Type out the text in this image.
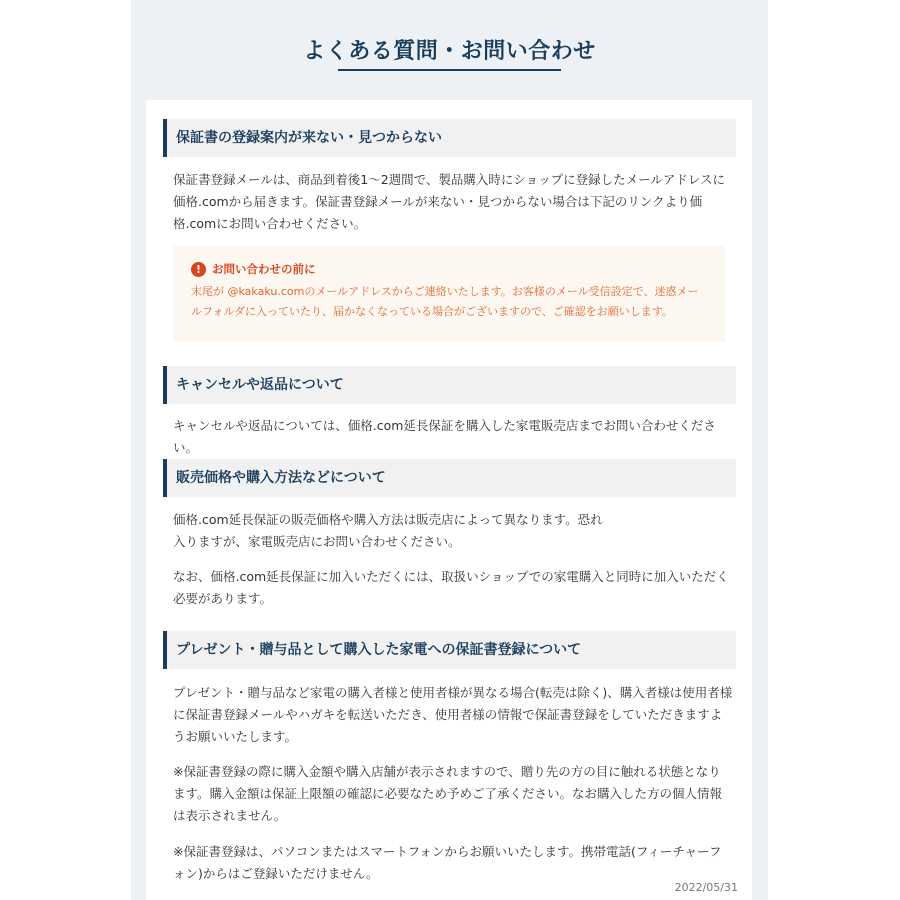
よくある質問・お問い合わせ
保証書の登録案内が来ない・見つからない

保証書登録メールは、商品到着後1〜2週間で、製品購入時にショップに登録したメールアドレスに価格.comから届きます。保証書登録メールが来ない・見つからない場合は下記のリンクより価格.comにお問い合わせください。

! お問い合わせの前に

末尾が @kakaku.comのメールアドレスからご連絡いたします。お客様のメール受信設定で、迷惑メールフォルダに入っていたり、届かなくなっている場合がございますので、ご確認をお願いします。

キャンセルや返品について

キャンセルや返品については、価格.com延長保証を購入した家電販売店までお問い合わせください。

販売価格や購入方法などについて

価格.com延長保証の販売価格や購入方法は販売店によって異なります。恐れ入りますが、家電販売店にお問い合わせください。

なお、価格.com延長保証に加入いただくには、取扱いショップでの家電購入と同時に加入いただく必要があります。

プレゼント・贈与品として購入した家電への保証書登録について

プレゼント・贈与品など家電の購入者様と使用者様が異なる場合(転売は除く)、購入者様は使用者様に保証書登録メールやハガキを転送いただき、使用者様の情報で保証書登録をしていただきますようお願いいたします。

※保証書登録の際に購入金額や購入店舗が表示されますので、贈り先の方の目に触れる状態となります。購入金額は保証上限額の確認に必要なため予めご了承ください。なお購入した方の個人情報は表示されません。

※保証書登録は、パソコンまたはスマートフォンからお願いいたします。携帯電話(フィーチャーフォン)からはご登録いただけません。

2022/05/31
